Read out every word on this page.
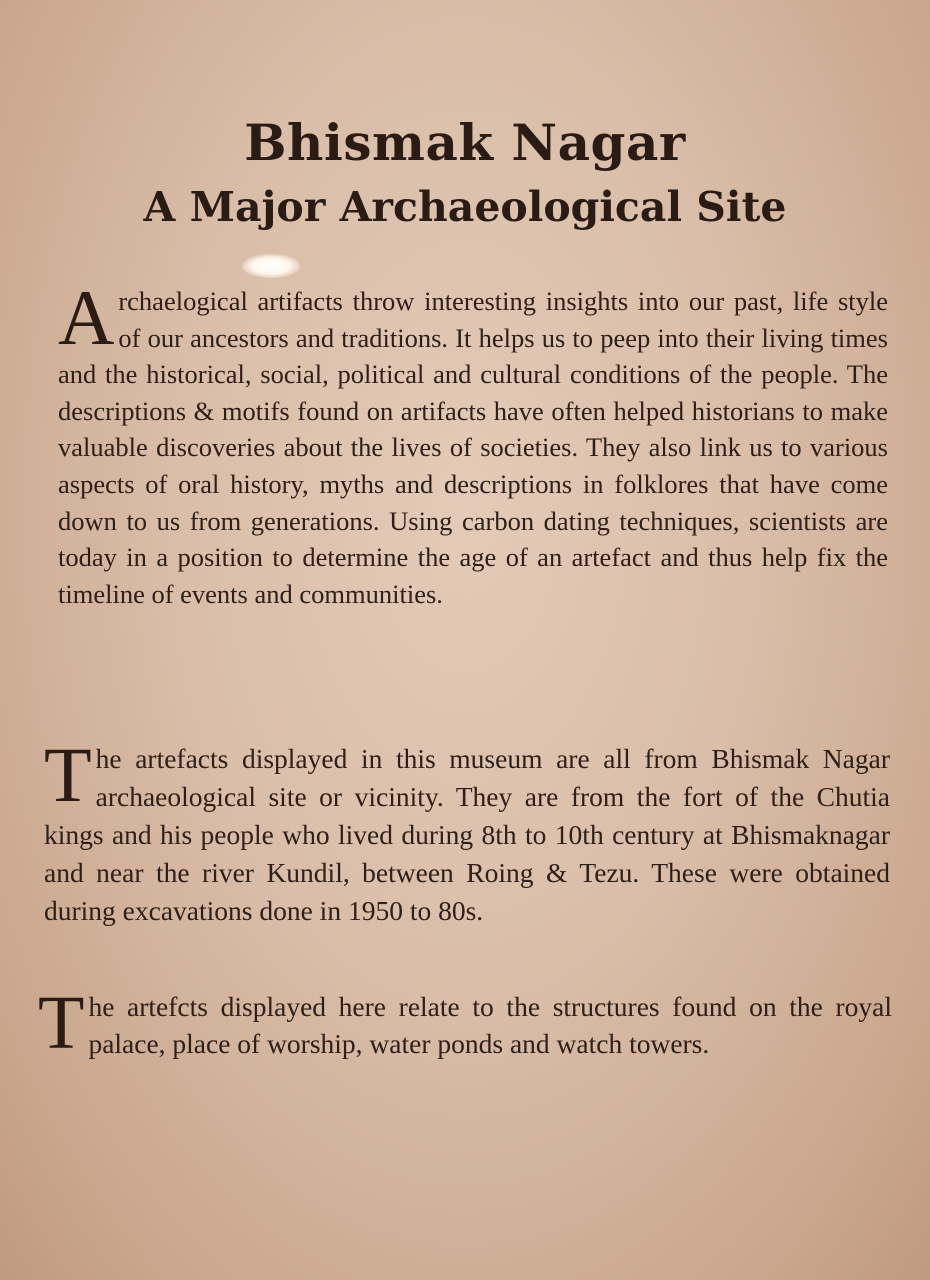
Bhismak Nagar
A Major Archaeological Site

Archaelogical artifacts throw interesting insights into our past, life style of our ancestors and traditions. It helps us to peep into their living times and the historical, social, political and cultural conditions of the people. The descriptions & motifs found on artifacts have often helped historians to make valuable discoveries about the lives of societies. They also link us to various aspects of oral history, myths and descriptions in folklores that have come down to us from generations. Using carbon dating techniques, scientists are today in a position to determine the age of an artefact and thus help fix the timeline of events and communities.

The artefacts displayed in this museum are all from Bhismak Nagar archaeological site or vicinity. They are from the fort of the Chutia kings and his people who lived during 8th to 10th century at Bhismaknagar and near the river Kundil, between Roing & Tezu. These were obtained during excavations done in 1950 to 80s.

The artefcts displayed here relate to the structures found on the royal palace, place of worship, water ponds and watch towers.
